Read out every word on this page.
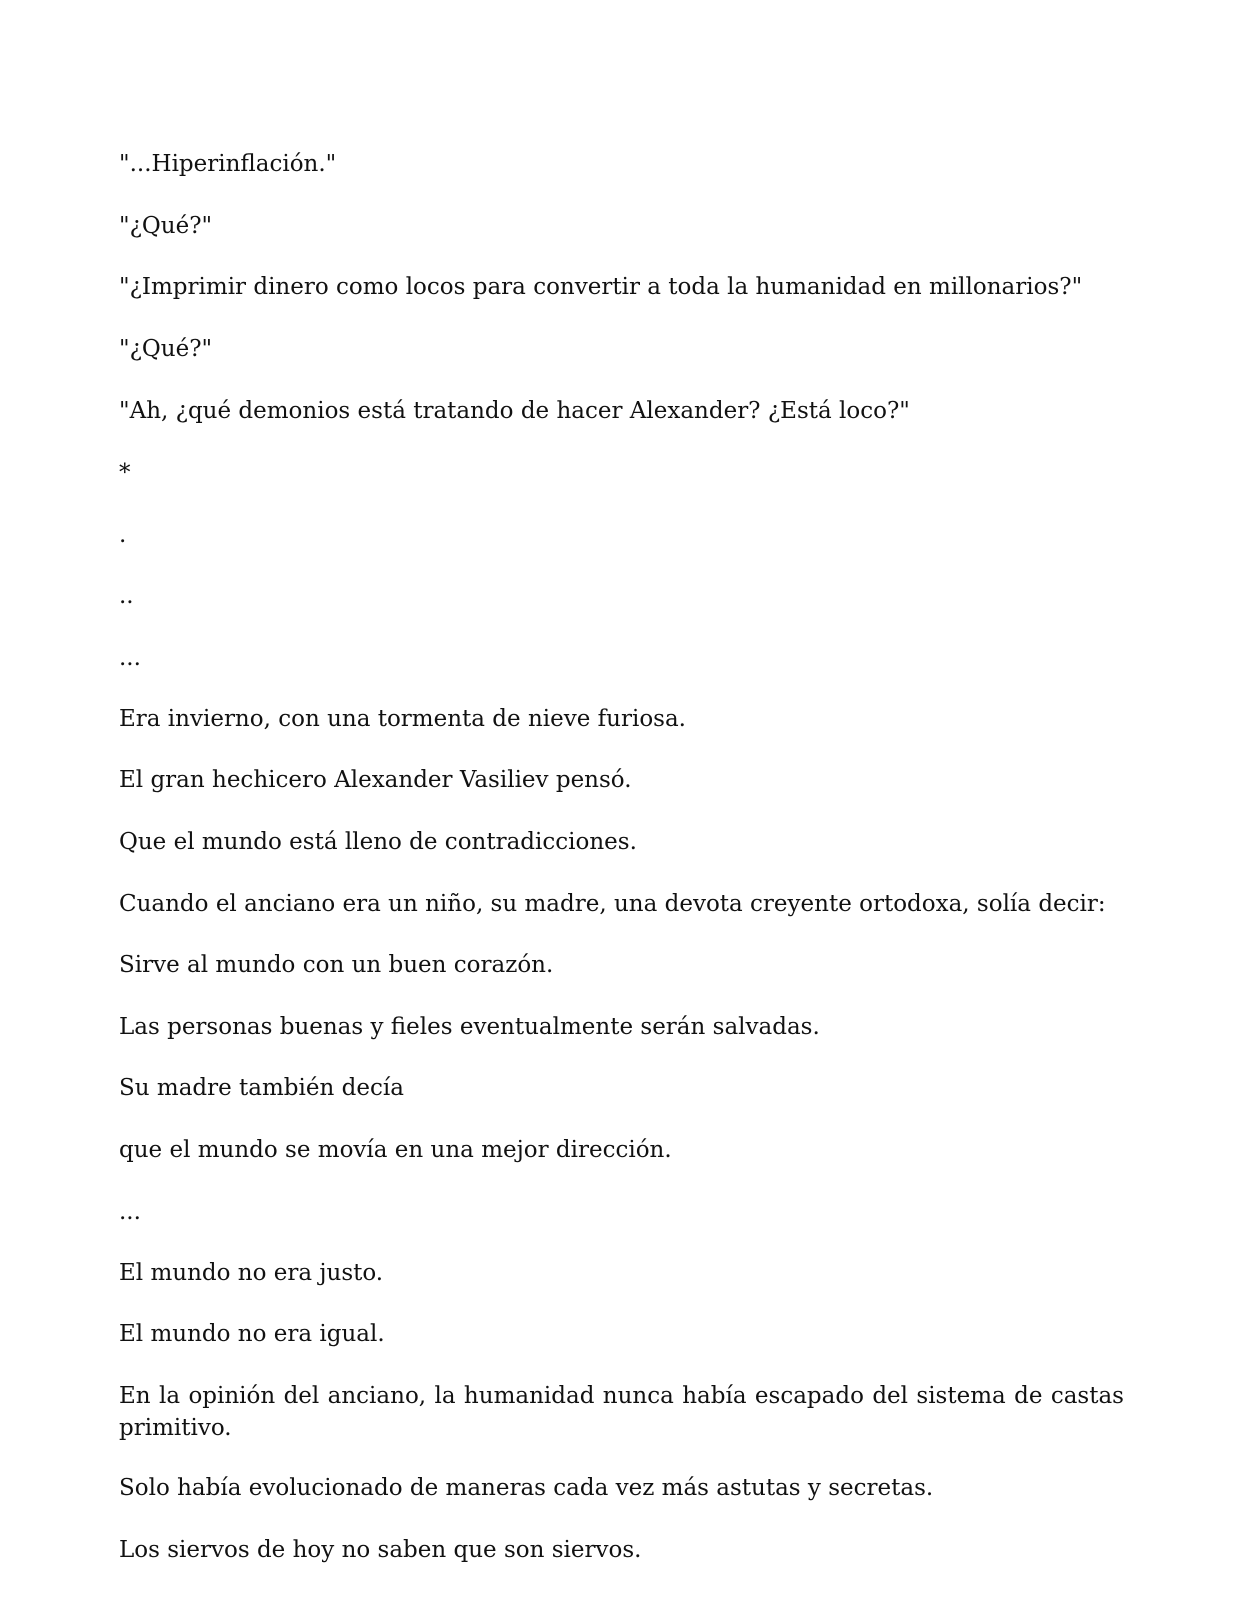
"...Hiperinflación."

"¿Qué?"

"¿Imprimir dinero como locos para convertir a toda la humanidad en millonarios?"

"¿Qué?"

"Ah, ¿qué demonios está tratando de hacer Alexander? ¿Está loco?"

*

.

..

...

Era invierno, con una tormenta de nieve furiosa.

El gran hechicero Alexander Vasiliev pensó.

Que el mundo está lleno de contradicciones.

Cuando el anciano era un niño, su madre, una devota creyente ortodoxa, solía decir:

Sirve al mundo con un buen corazón.

Las personas buenas y fieles eventualmente serán salvadas.

Su madre también decía

que el mundo se movía en una mejor dirección.

...

El mundo no era justo.

El mundo no era igual.

En la opinión del anciano, la humanidad nunca había escapado del sistema de castas primitivo.

Solo había evolucionado de maneras cada vez más astutas y secretas.

Los siervos de hoy no saben que son siervos.
